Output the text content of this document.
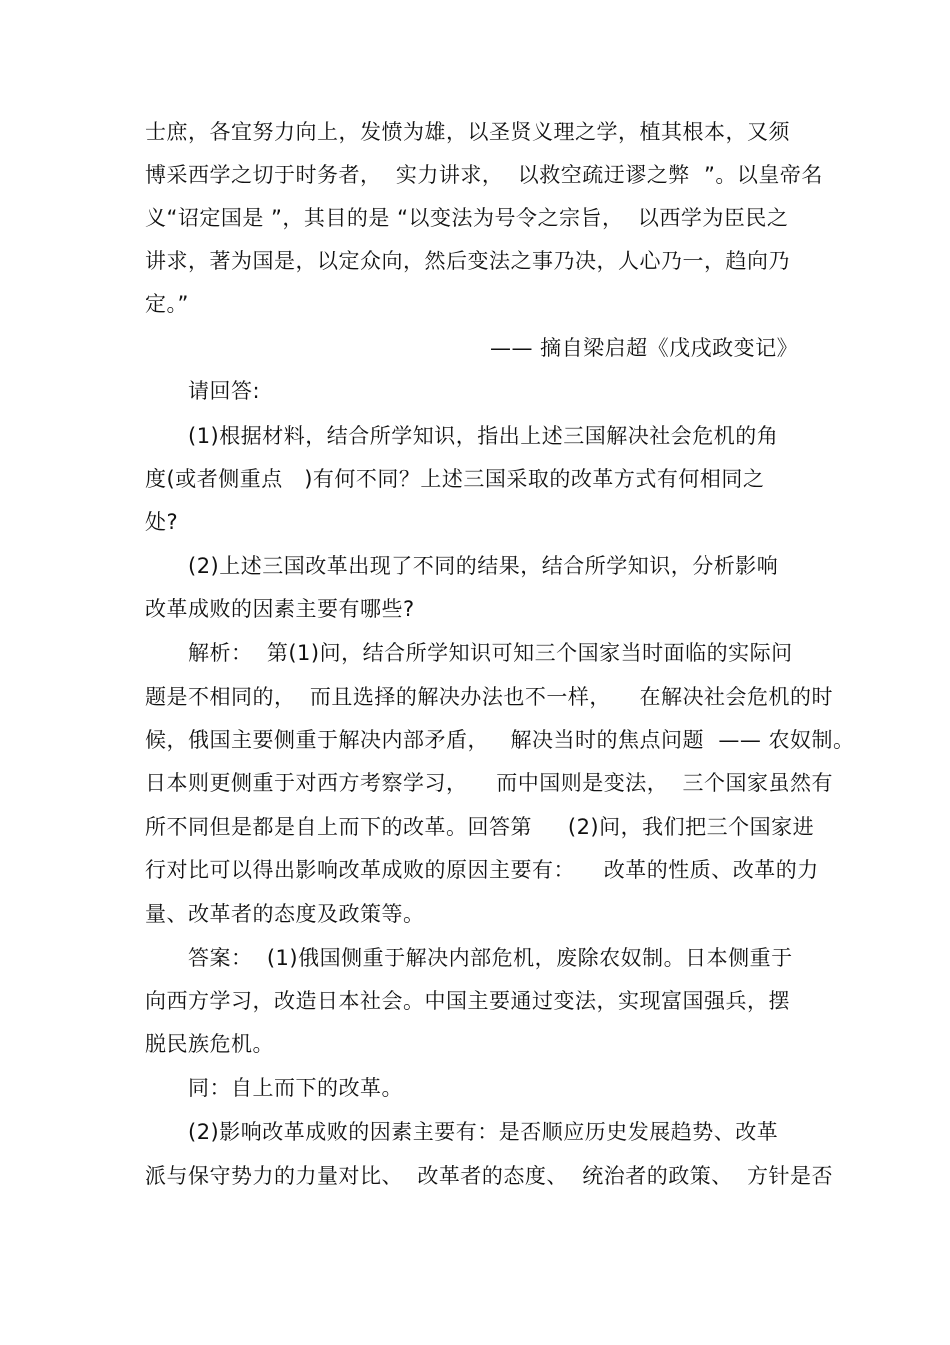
士庶，各宜努力向上，发愤为雄，以圣贤义理之学，植其根本，又须
博采西学之切于时务者，  实力讲求，  以救空疏迂谬之弊  ”。以皇帝名
义“诏定国是 ”，其目的是 “以变法为号令之宗旨，  以西学为臣民之
讲求，著为国是，以定众向，然后变法之事乃决，人心乃一，趋向乃
定。”
—— 摘自梁启超《戊戌政变记》
请回答:
(1)根据材料，结合所学知识，指出上述三国解决社会危机的角
度(或者侧重点   )有何不同？上述三国采取的改革方式有何相同之
处?
(2)上述三国改革出现了不同的结果，结合所学知识，分析影响
改革成败的因素主要有哪些?
解析：  第(1)问，结合所学知识可知三个国家当时面临的实际问
题是不相同的，  而且选择的解决办法也不一样，    在解决社会危机的时
候，俄国主要侧重于解决内部矛盾，   解决当时的焦点问题  —— 农奴制。
日本则更侧重于对西方考察学习，    而中国则是变法，  三个国家虽然有
所不同但是都是自上而下的改革。回答第     (2)问，我们把三个国家进
行对比可以得出影响改革成败的原因主要有：    改革的性质、改革的力
量、改革者的态度及政策等。
答案：  (1)俄国侧重于解决内部危机，废除农奴制。日本侧重于
向西方学习，改造日本社会。中国主要通过变法，实现富国强兵，摆
脱民族危机。
同：自上而下的改革。
(2)影响改革成败的因素主要有：是否顺应历史发展趋势、改革
派与保守势力的力量对比、  改革者的态度、  统治者的政策、  方针是否
